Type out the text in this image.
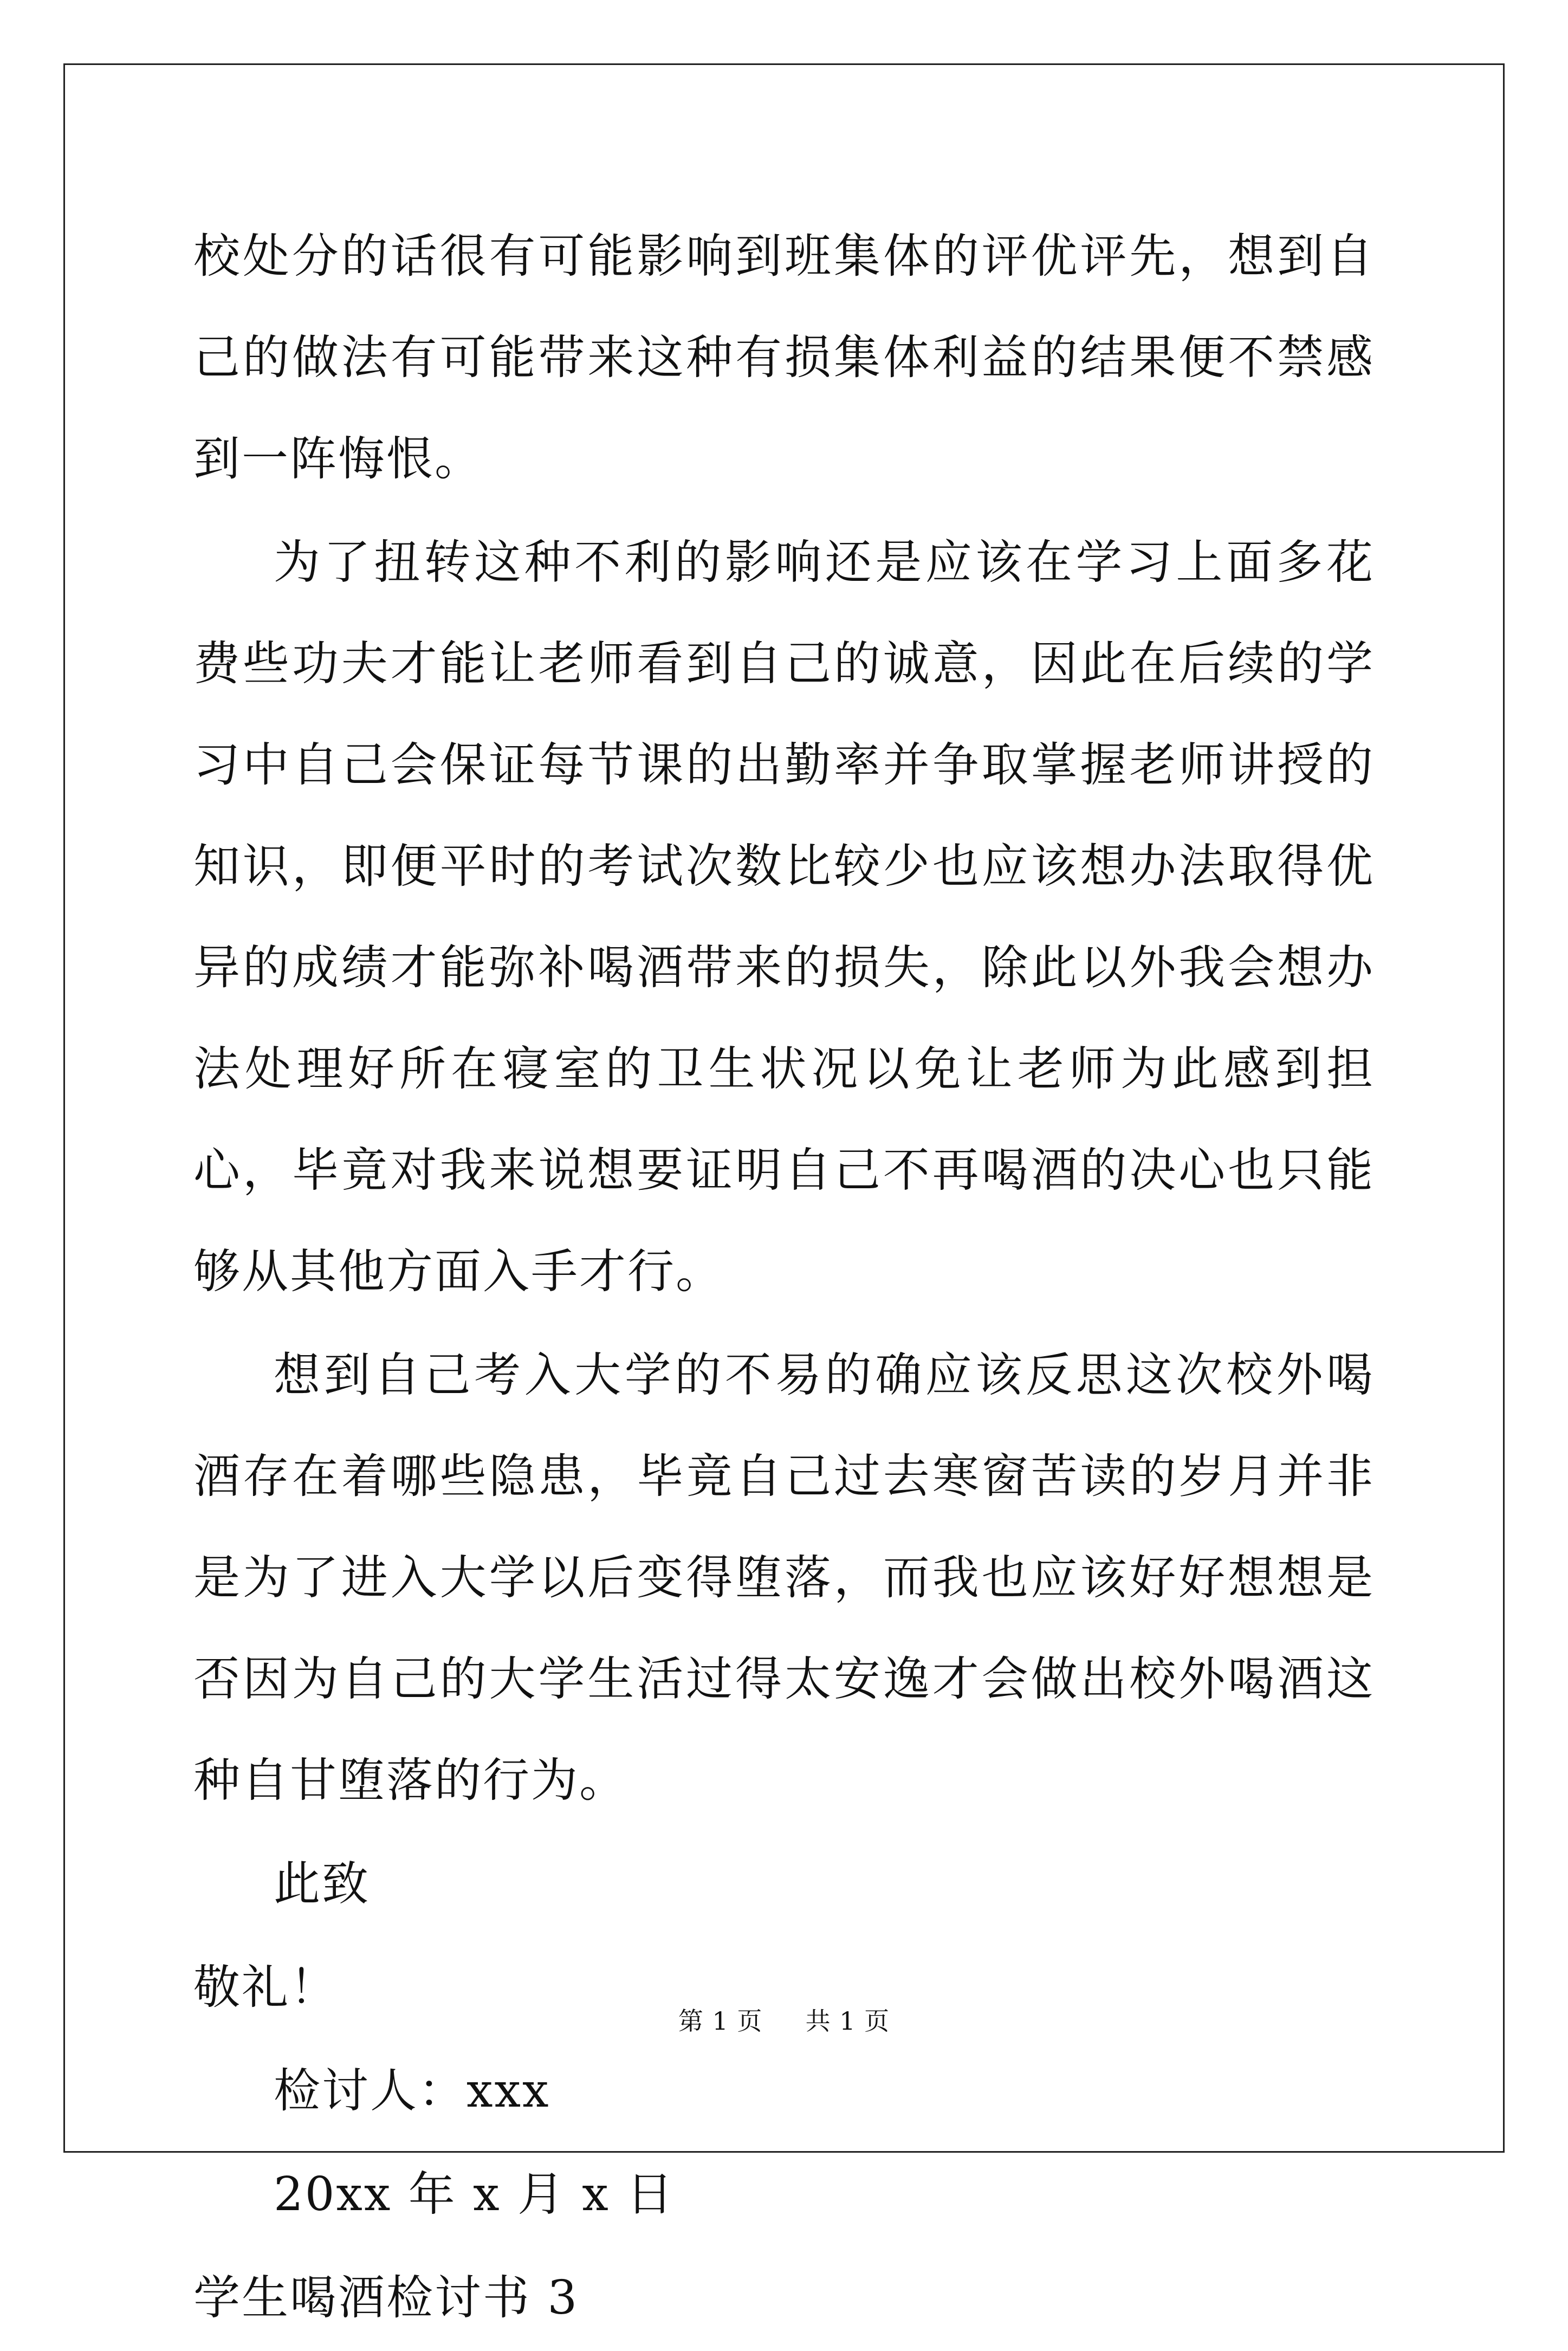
校处分的话很有可能影响到班集体的评优评先，想到自己的做法有可能带来这种有损集体利益的结果便不禁感到一阵悔恨。

为了扭转这种不利的影响还是应该在学习上面多花费些功夫才能让老师看到自己的诚意，因此在后续的学习中自己会保证每节课的出勤率并争取掌握老师讲授的知识，即便平时的考试次数比较少也应该想办法取得优异的成绩才能弥补喝酒带来的损失，除此以外我会想办法处理好所在寝室的卫生状况以免让老师为此感到担心，毕竟对我来说想要证明自己不再喝酒的决心也只能够从其他方面入手才行。

想到自己考入大学的不易的确应该反思这次校外喝酒存在着哪些隐患，毕竟自己过去寒窗苦读的岁月并非是为了进入大学以后变得堕落，而我也应该好好想想是否因为自己的大学生活过得太安逸才会做出校外喝酒这种自甘堕落的行为。

此致
敬礼！
检讨人：xxx
20xx 年 x 月 x 日
学生喝酒检讨书 3
第 1 页 共 1 页
